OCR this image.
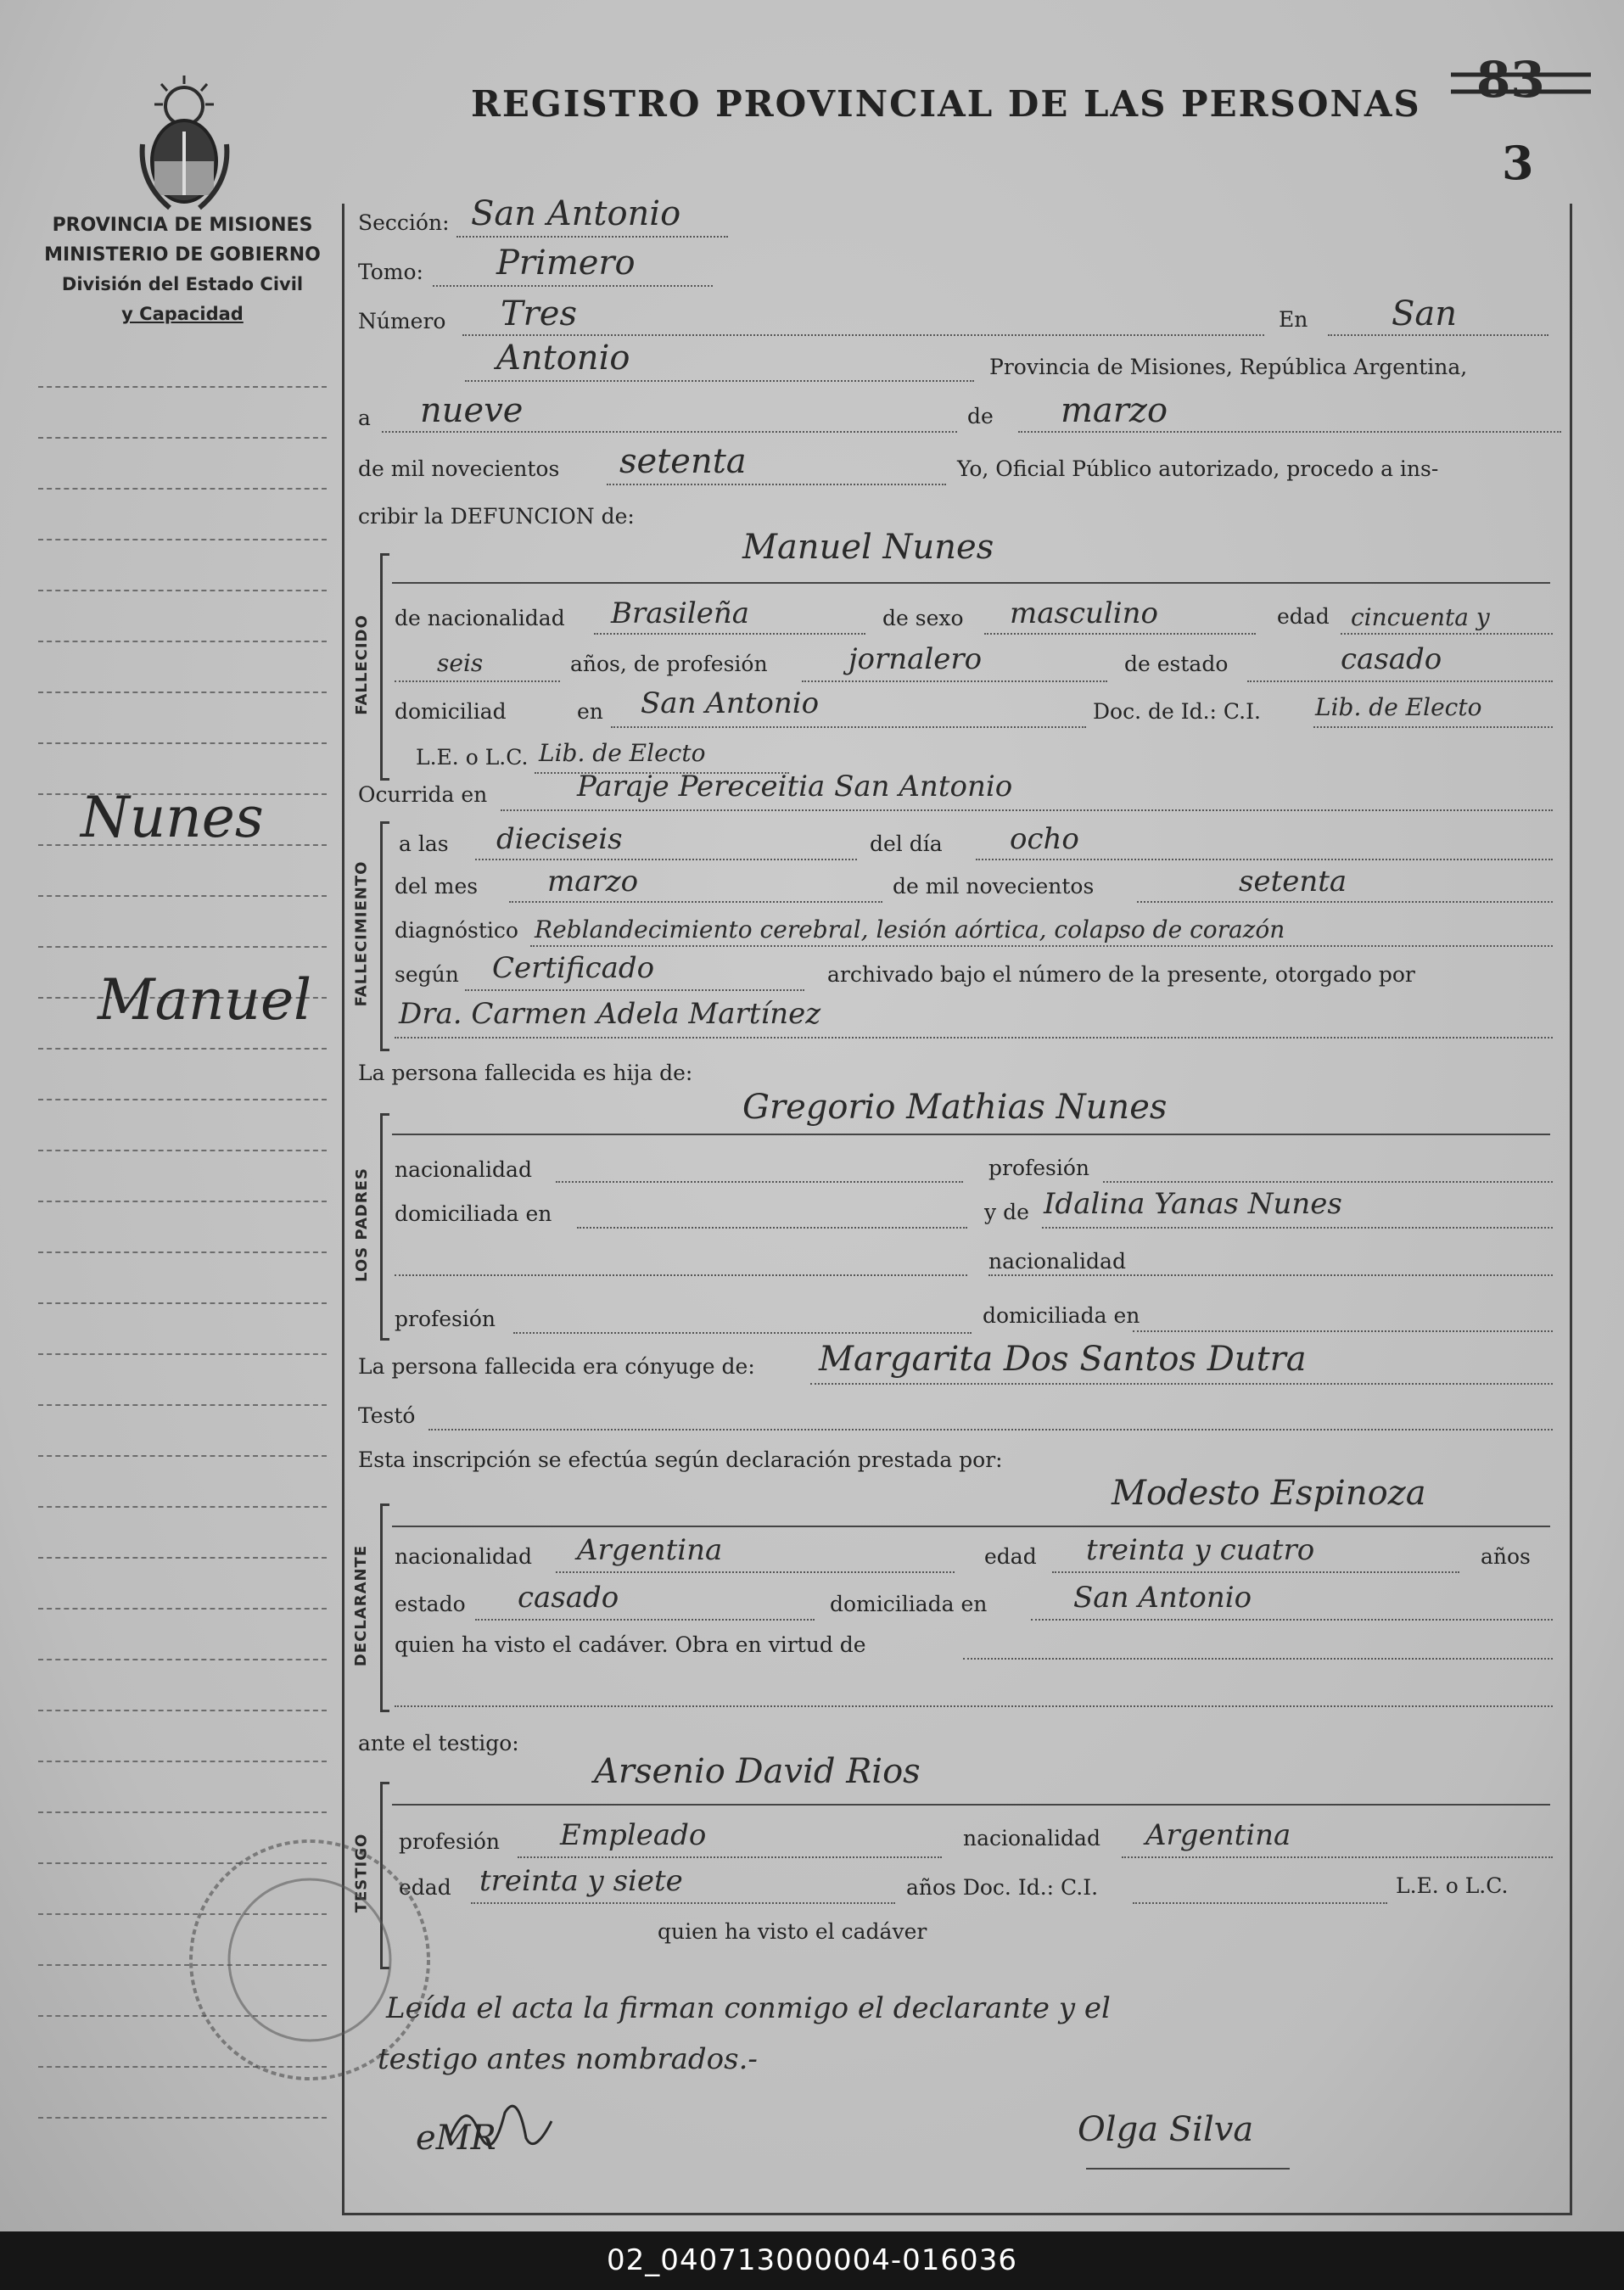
PROVINCIA DE MISIONES
MINISTERIO DE GOBIERNO
División del Estado Civil
y Capacidad
REGISTRO PROVINCIAL DE LAS PERSONAS 83
3
Nunes
Manuel
Sección: San Antonio
Tomo: Primero
Número Tres	En San
Antonio	Provincia de Misiones, República Argentina,
a nueve	de marzo
de mil novecientos setenta	Yo, Oficial Público autorizado, procedo a ins-
cribir la DEFUNCION de:
FALLECIDO
Manuel Nunes
de nacionalidad Brasileña	de sexo masculino	edad cincuenta y
seis	años, de profesión	jornalero	de estado	casado
domiciliad	en San Antonio	Doc. de Id.: C.I. Lib. de Electo
L.E. o L.C. Lib. de Electo
Ocurrida en	Paraje Pereceitia San Antonio
FALLECIMIENTO
a las dieciseis	del día ocho
del mes marzo	de mil novecientos	setenta
diagnóstico Reblandecimiento cerebral, lesión aórtica, colapso de corazón
según Certificado	archivado bajo el número de la presente, otorgado por
Dra. Carmen Adela Martínez
La persona fallecida es hija de:
LOS PADRES
Gregorio Mathias Nunes
nacionalidad	profesión
domiciliada en	y de Idalina Yanas Nunes
nacionalidad
profesión	domiciliada en
La persona fallecida era cónyuge de: Margarita Dos Santos Dutra
Testó
Esta inscripción se efectúa según declaración prestada por:
DECLARANTE
Modesto Espinoza
nacionalidad Argentina	edad treinta y cuatro	años
estado casado	domiciliada en	San Antonio
quien ha visto el cadáver. Obra en virtud de
ante el testigo:
TESTIGO
Arsenio David Rios
profesión Empleado	nacionalidad Argentina
edad treinta y siete	años Doc. Id.: C.I.	L.E. o L.C.
quien ha visto el cadáver
Leída el acta la firman conmigo el declarante y el
testigo antes nombrados.-
eMR	Olga Silva
02_040713000004-016036
